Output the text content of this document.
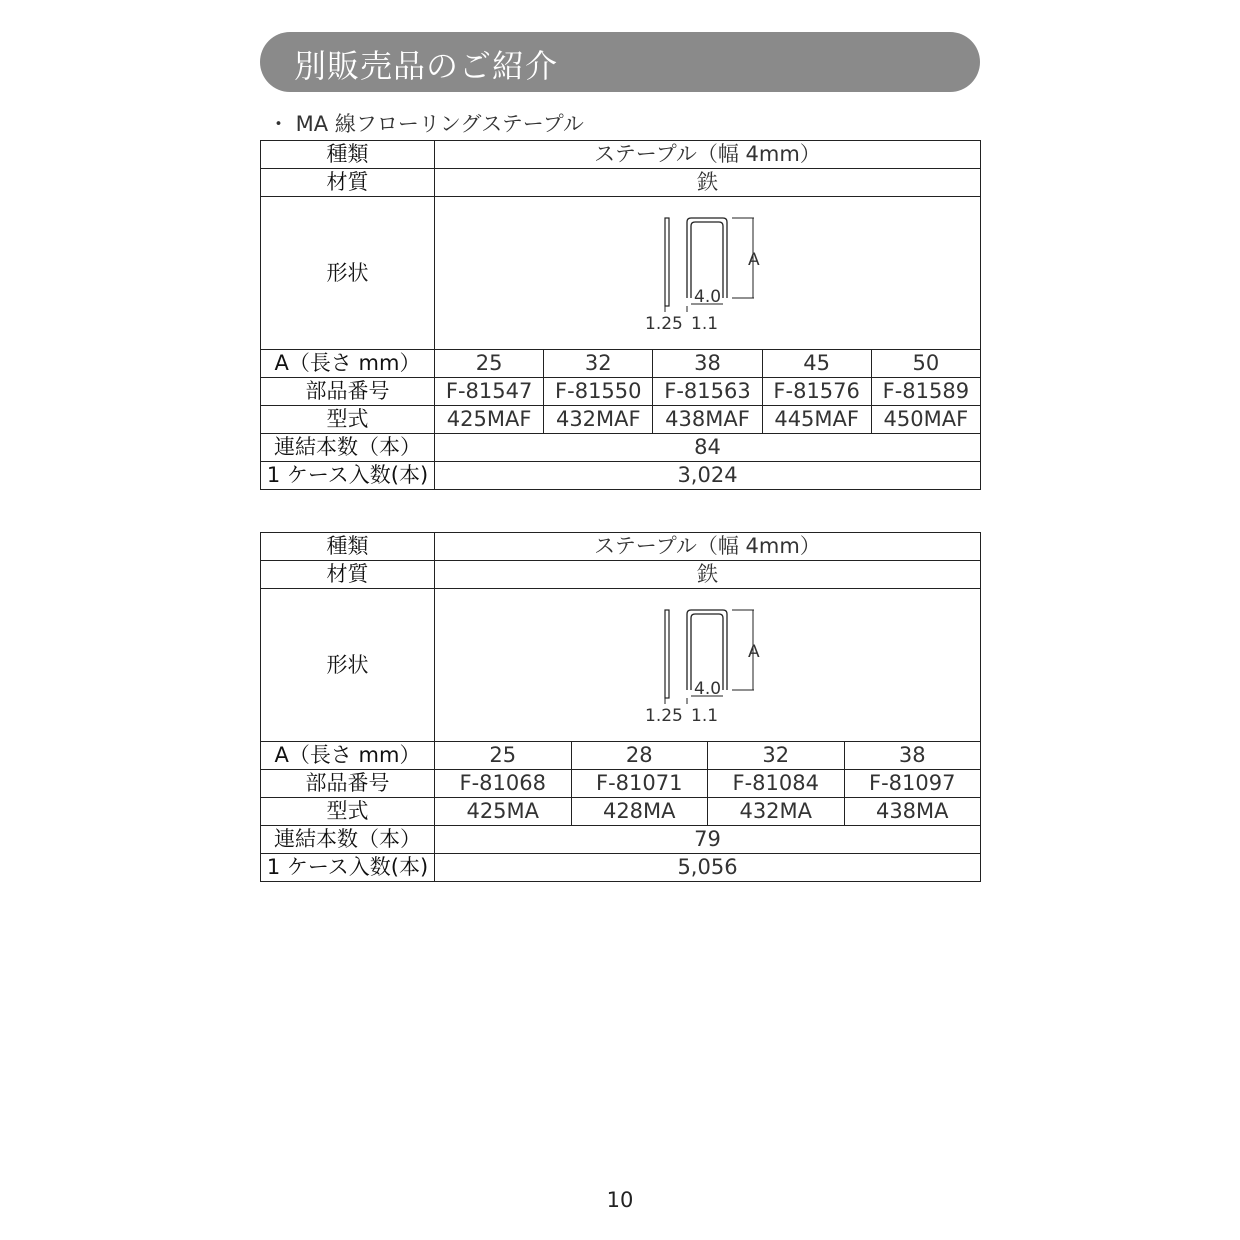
別販売品のご紹介
・ MA 線フローリングステープル
種類	ステープル（幅 4mm）				
材質	鉄				
形状	A
4.0
1.25 1.1				

A（長さ mm）	25	32	38	45	50
部品番号	F-81547	F-81550	F-81563	F-81576	F-81589
型式	425MAF	432MAF	438MAF	445MAF	450MAF
連結本数（本）	84				
1 ケース入数(本)	3,024				
種類	ステープル（幅 4mm）			
材質	鉄			
形状	A
4.0
1.25 1.1			

A（長さ mm）	25	28	32	38
部品番号	F-81068	F-81071	F-81084	F-81097
型式	425MA	428MA	432MA	438MA
連結本数（本）	79			
1 ケース入数(本)	5,056			
10
